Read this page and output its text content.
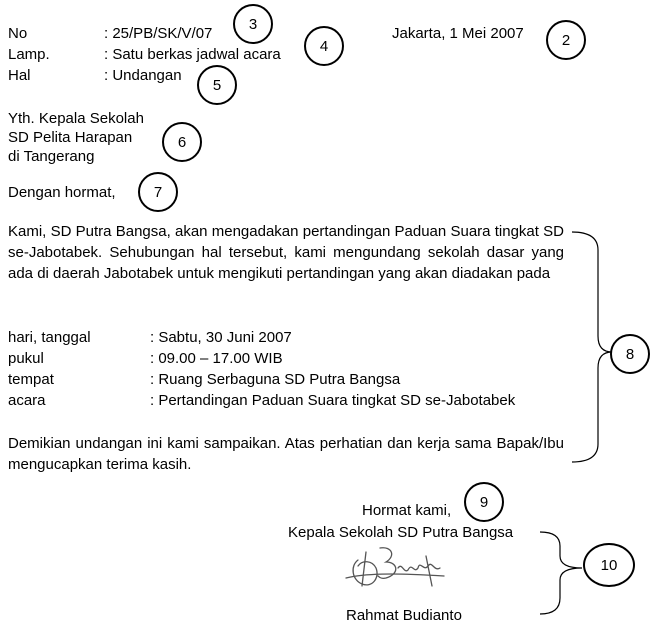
No	: 25/PB/SK/V/07
Lamp.	: Satu berkas jadwal acara
Hal	: Undangan
Jakarta, 1 Mei 2007
Yth. Kepala Sekolah
SD Pelita Harapan
di Tangerang
Dengan hormat,
Kami, SD Putra Bangsa, akan mengadakan pertandingan Paduan Suara tingkat SD se-Jabotabek. Sehubungan hal tersebut, kami mengundang sekolah dasar yang ada di daerah Jabotabek untuk mengikuti pertandingan yang akan diadakan pada
hari, tanggal	: Sabtu, 30 Juni 2007
pukul	: 09.00 – 17.00 WIB
tempat	: Ruang Serbaguna SD Putra Bangsa
acara	: Pertandingan Paduan Suara tingkat SD se-Jabotabek
Demikian undangan ini kami sampaikan. Atas perhatian dan kerja sama Bapak/Ibu mengucapkan terima kasih.
Hormat kami,
Kepala Sekolah SD Putra Bangsa
Rahmat Budianto
2
3
4
5
6
7
8
9
10
